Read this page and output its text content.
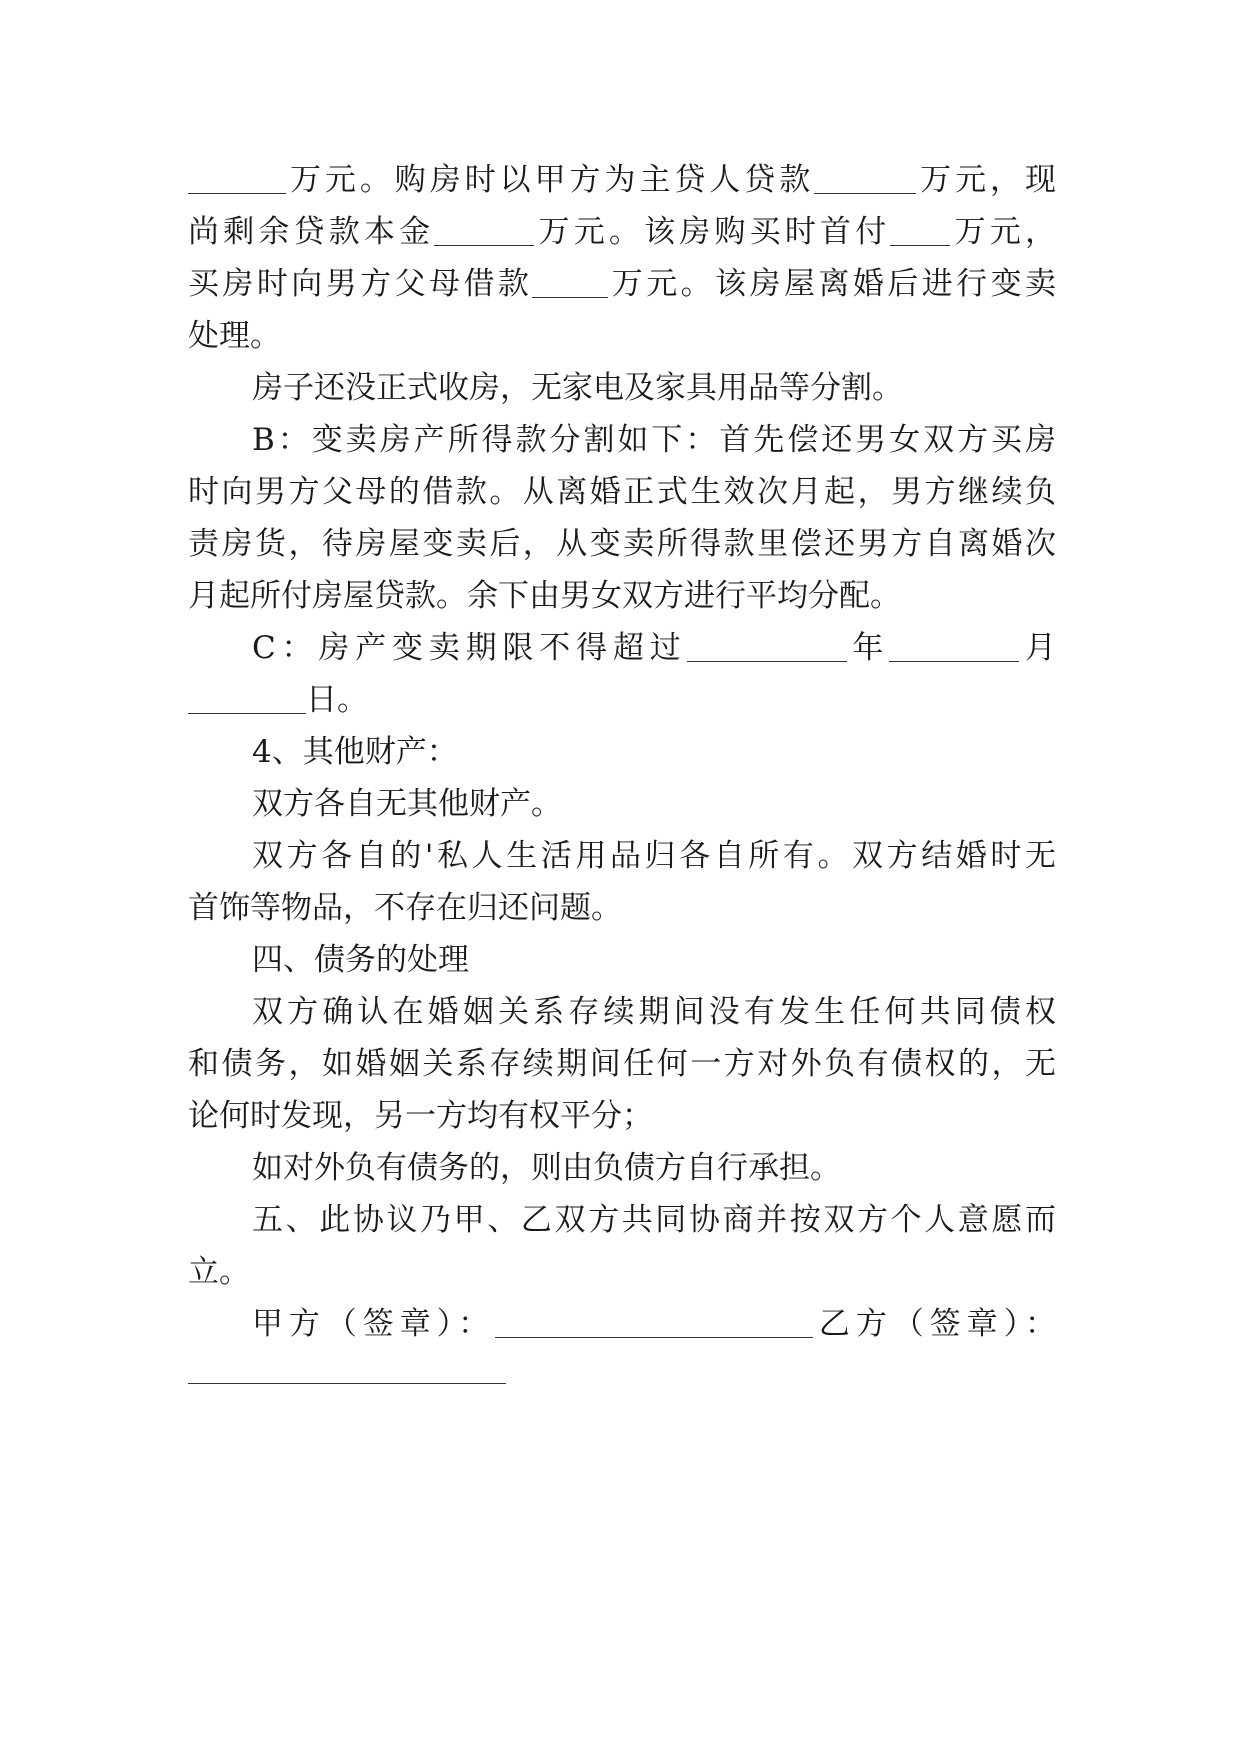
万元。购房时以甲方为主贷人贷款	万元，现
尚剩余贷款本金	万元。该房购买时首付 万元，
买房时向男方父母借款 万元。该房屋离婚后进行变卖
处理。
房子还没正式收房，无家电及家具用品等分割。
B：变卖房产所得款分割如下：首先偿还男女双方买房
时向男方父母的借款。从离婚正式生效次月起，男方继续负
责房货，待房屋变卖后，从变卖所得款里偿还男方自离婚次
月起所付房屋贷款。余下由男女双方进行平均分配。
C：房产变卖期限不得超过	年	月
日。
4、其他财产：
双方各自无其他财产。
双方各自的'私人生活用品归各自所有。双方结婚时无
首饰等物品，不存在归还问题。
四、债务的处理
双方确认在婚姻关系存续期间没有发生任何共同债权
和债务，如婚姻关系存续期间任何一方对外负有债权的，无
论何时发现，另一方均有权平分；
如对外负有债务的，则由负债方自行承担。
五、此协议乃甲、乙双方共同协商并按双方个人意愿而
立。
甲方（签章）：	乙方（签章）：
